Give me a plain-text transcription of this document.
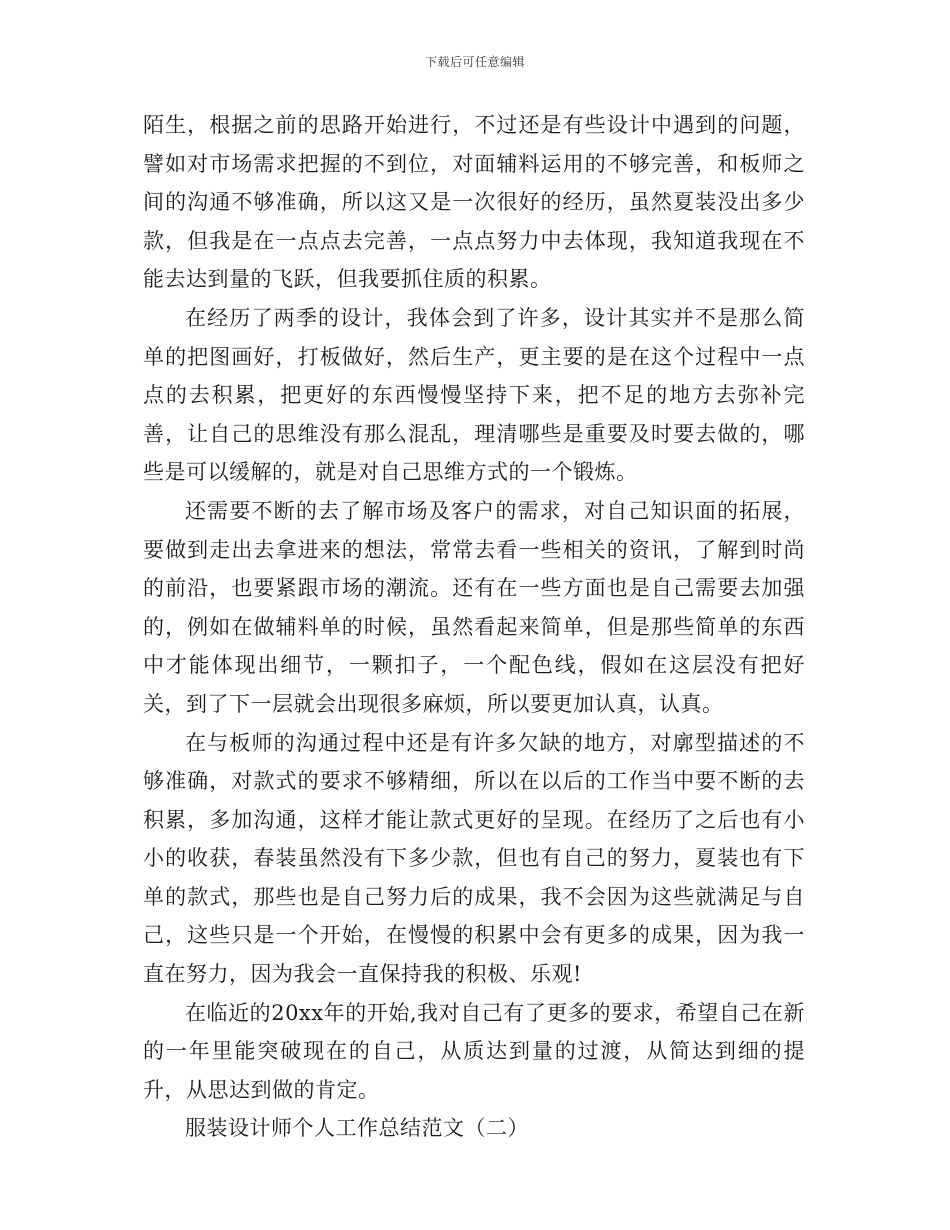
下载后可任意编辑

陌生，根据之前的思路开始进行，不过还是有些设计中遇到的问题，譬如对市场需求把握的不到位，对面辅料运用的不够完善，和板师之间的沟通不够准确，所以这又是一次很好的经历，虽然夏装没出多少款，但我是在一点点去完善，一点点努力中去体现，我知道我现在不能去达到量的飞跃，但我要抓住质的积累。

在经历了两季的设计，我体会到了许多，设计其实并不是那么简单的把图画好，打板做好，然后生产，更主要的是在这个过程中一点点的去积累，把更好的东西慢慢坚持下来，把不足的地方去弥补完善，让自己的思维没有那么混乱，理清哪些是重要及时要去做的，哪些是可以缓解的，就是对自己思维方式的一个锻炼。

还需要不断的去了解市场及客户的需求，对自己知识面的拓展，要做到走出去拿进来的想法，常常去看一些相关的资讯，了解到时尚的前沿，也要紧跟市场的潮流。还有在一些方面也是自己需要去加强的，例如在做辅料单的时候，虽然看起来简单，但是那些简单的东西中才能体现出细节，一颗扣子，一个配色线，假如在这层没有把好关，到了下一层就会出现很多麻烦，所以要更加认真，认真。

在与板师的沟通过程中还是有许多欠缺的地方，对廓型描述的不够准确，对款式的要求不够精细，所以在以后的工作当中要不断的去积累，多加沟通，这样才能让款式更好的呈现。在经历了之后也有小小的收获，春装虽然没有下多少款，但也有自己的努力，夏装也有下单的款式，那些也是自己努力后的成果，我不会因为这些就满足与自己，这些只是一个开始，在慢慢的积累中会有更多的成果，因为我一直在努力，因为我会一直保持我的积极、乐观!

在临近的20xx年的开始,我对自己有了更多的要求，希望自己在新的一年里能突破现在的自己，从质达到量的过渡，从简达到细的提升，从思达到做的肯定。

服装设计师个人工作总结范文（二）
